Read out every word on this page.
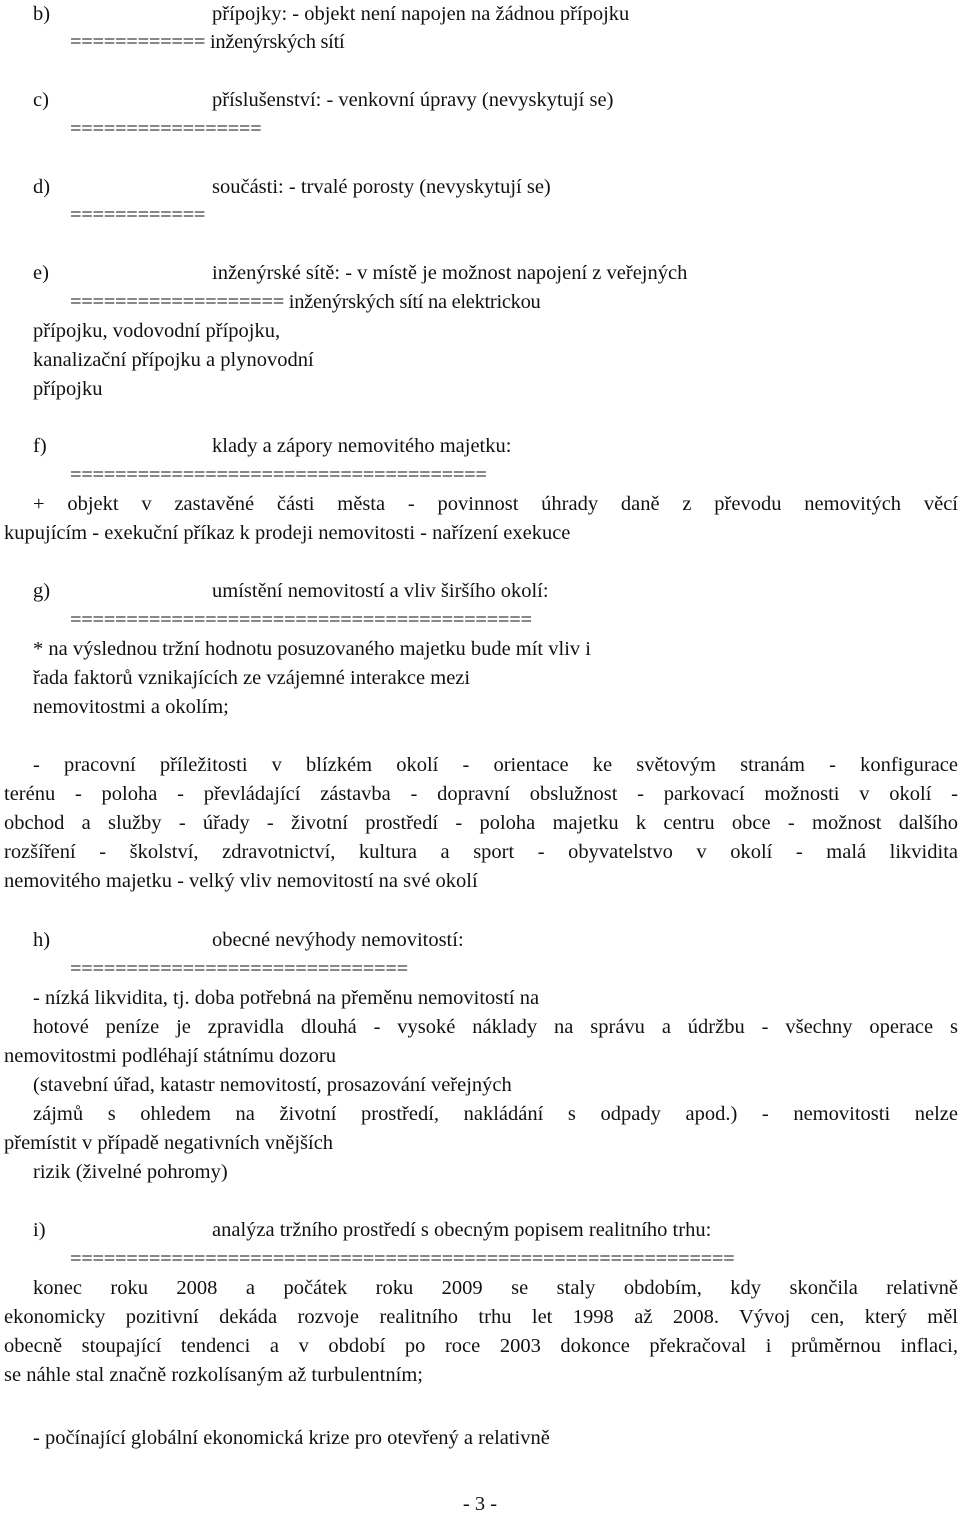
b)	přípojky: - objekt není napojen na žádnou přípojku
============ inženýrských sítí
c)	příslušenství: - venkovní úpravy (nevyskytují se)
=================
d)	součásti: - trvalé porosty (nevyskytují se)
============
e)	inženýrské sítě: - v místě je možnost napojení z veřejných
=================== inženýrských sítí na elektrickou
přípojku, vodovodní přípojku,
kanalizační přípojku a plynovodní
přípojku
f)	klady a zápory nemovitého majetku:
=====================================
+ objekt v zastavěné části města - povinnost úhrady daně z převodu nemovitých věcí
kupujícím - exekuční příkaz k prodeji nemovitosti - nařízení exekuce
g)	umístění nemovitostí a vliv širšího okolí:
=========================================
* na výslednou tržní hodnotu posuzovaného majetku bude mít vliv i
řada faktorů vznikajících ze vzájemné interakce mezi
nemovitostmi a okolím;
- pracovní příležitosti v blízkém okolí - orientace ke světovým stranám - konfigurace
terénu - poloha - převládající zástavba - dopravní obslužnost - parkovací možnosti v okolí -
obchod a služby - úřady - životní prostředí - poloha majetku k centru obce - možnost dalšího
rozšíření - školství, zdravotnictví, kultura a sport - obyvatelstvo v okolí - malá likvidita
nemovitého majetku - velký vliv nemovitostí na své okolí
h)	obecné nevýhody nemovitostí:
==============================
- nízká likvidita, tj. doba potřebná na přeměnu nemovitostí na
hotové peníze je zpravidla dlouhá - vysoké náklady na správu a údržbu - všechny operace s
nemovitostmi podléhají státnímu dozoru
(stavební úřad, katastr nemovitostí, prosazování veřejných
zájmů s ohledem na životní prostředí, nakládání s odpady apod.) - nemovitosti nelze
přemístit v případě negativních vnějších
rizik (živelné pohromy)
i)	analýza tržního prostředí s obecným popisem realitního trhu:
===========================================================
konec roku 2008 a počátek roku 2009 se staly obdobím, kdy skončila relativně
ekonomicky pozitivní dekáda rozvoje realitního trhu let 1998 až 2008. Vývoj cen, který měl
obecně stoupající tendenci a v období po roce 2003 dokonce překračoval i průměrnou inflaci,
se náhle stal značně rozkolísaným až turbulentním;
- počínající globální ekonomická krize pro otevřený a relativně
- 3 -
